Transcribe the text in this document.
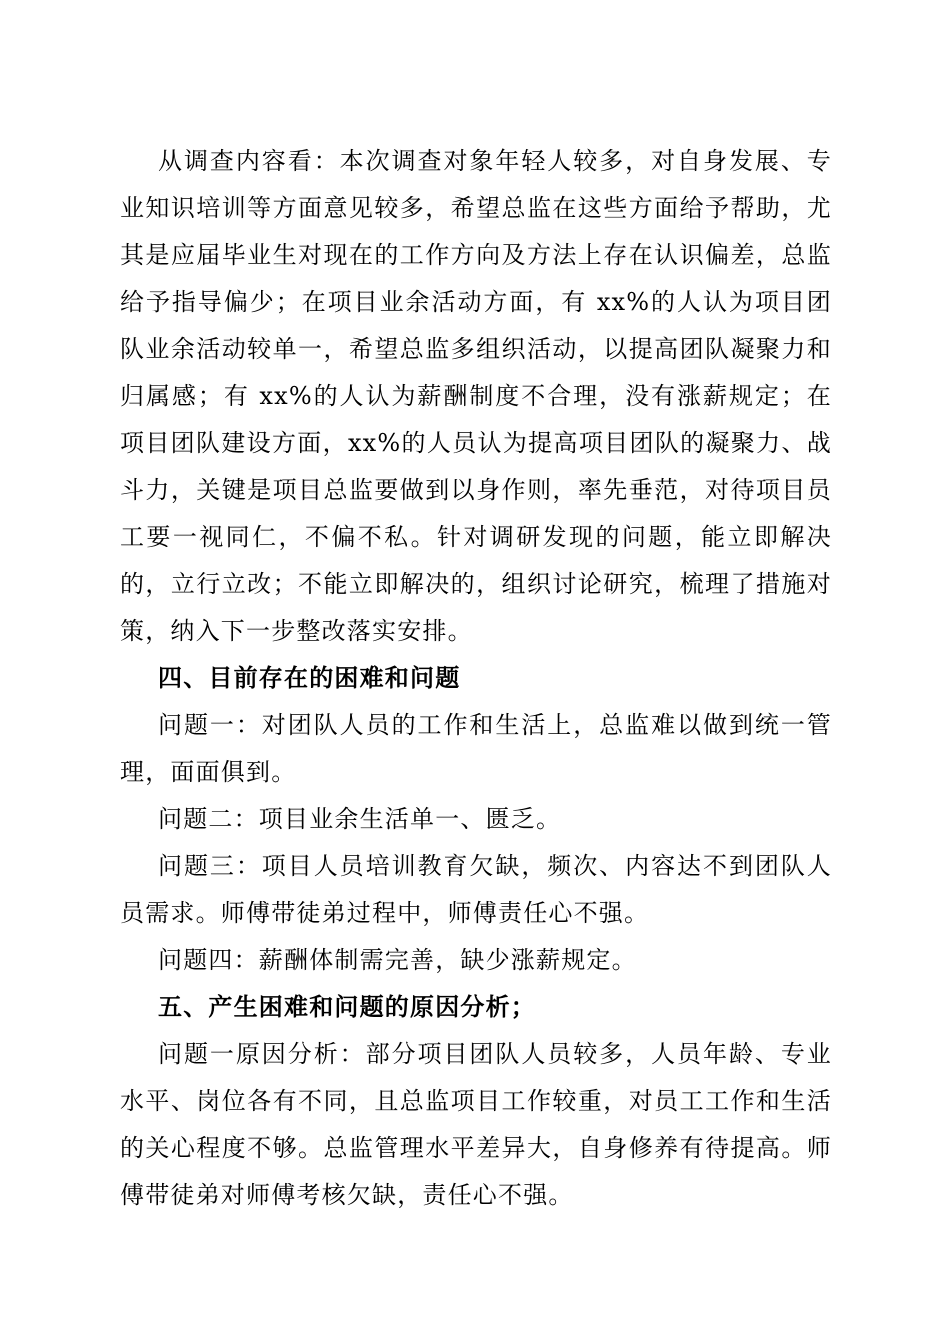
从调查内容看：本次调查对象年轻人较多，对自身发展、专业知识培训等方面意见较多，希望总监在这些方面给予帮助，尤其是应届毕业生对现在的工作方向及方法上存在认识偏差，总监给予指导偏少；在项目业余活动方面，有 xx%的人认为项目团队业余活动较单一，希望总监多组织活动，以提高团队凝聚力和归属感；有 xx%的人认为薪酬制度不合理，没有涨薪规定；在项目团队建设方面，xx%的人员认为提高项目团队的凝聚力、战斗力，关键是项目总监要做到以身作则，率先垂范，对待项目员工要一视同仁，不偏不私。针对调研发现的问题，能立即解决的，立行立改；不能立即解决的，组织讨论研究，梳理了措施对策，纳入下一步整改落实安排。

四、目前存在的困难和问题

问题一：对团队人员的工作和生活上，总监难以做到统一管理，面面俱到。

问题二：项目业余生活单一、匮乏。

问题三：项目人员培训教育欠缺，频次、内容达不到团队人员需求。师傅带徒弟过程中，师傅责任心不强。

问题四：薪酬体制需完善，缺少涨薪规定。

五、产生困难和问题的原因分析；

问题一原因分析：部分项目团队人员较多，人员年龄、专业水平、岗位各有不同，且总监项目工作较重，对员工工作和生活的关心程度不够。总监管理水平差异大，自身修养有待提高。师傅带徒弟对师傅考核欠缺，责任心不强。
